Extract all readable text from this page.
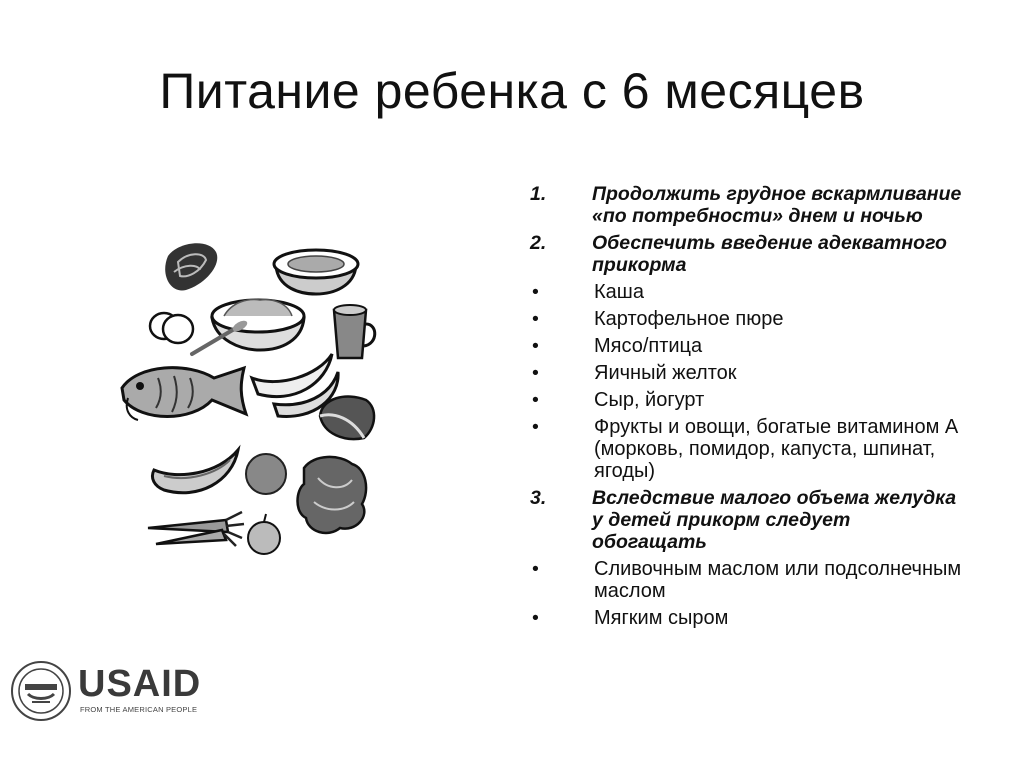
Питание ребенка с 6 месяцев
1.	Продолжить грудное вскармливание «по потребности» днем и ночью
2.	Обеспечить введение адекватного прикорма
•	Каша
•	Картофельное пюре
•	Мясо/птица
•	Яичный желток
•	Сыр, йогурт
•	Фрукты и овощи, богатые витамином А (морковь, помидор, капуста, шпинат, ягоды)
3.	Вследствие малого объема желудка у детей прикорм следует обогащать
•	Сливочным маслом или подсолнечным маслом
•	Мягким сыром
USAID
FROM THE AMERICAN PEOPLE
